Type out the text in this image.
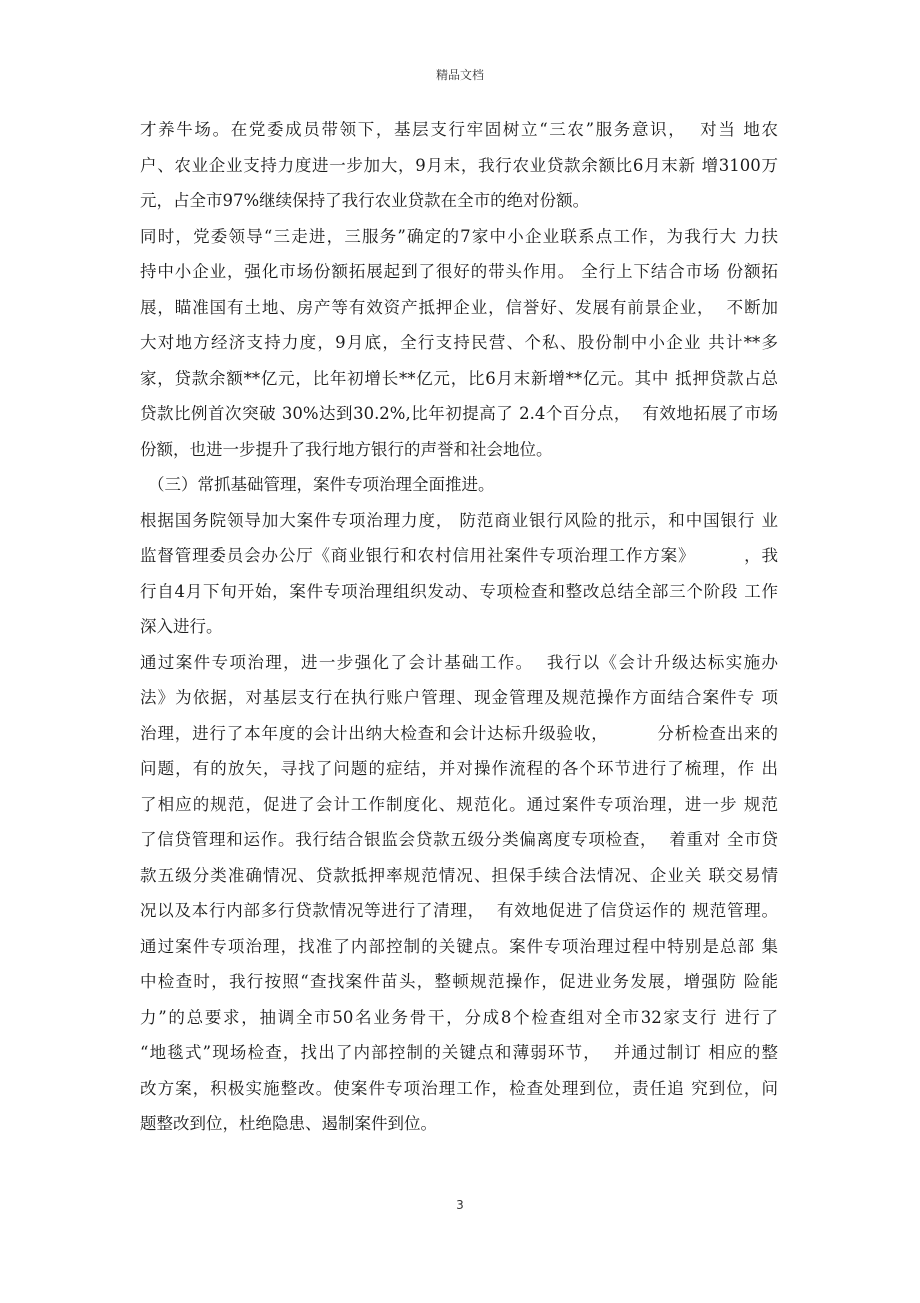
精品文档
才养牛场。在党委成员带领下，基层支行牢固树立“三农”服务意识，  对当 地农
户、农业企业支持力度进一步加大，9月末，我行农业贷款余额比6月末新 增3100万
元，占全市97%继续保持了我行农业贷款在全市的绝对份额。
同时，党委领导“三走进，三服务”确定的7家中小企业联系点工作，为我行大 力扶
持中小企业，强化市场份额拓展起到了很好的带头作用。 全行上下结合市场 份额拓
展，瞄准国有土地、房产等有效资产抵押企业，信誉好、发展有前景企业，  不断加
大对地方经济支持力度，9月底，全行支持民营、个私、股份制中小企业 共计**多
家，贷款余额**亿元，比年初增长**亿元，比6月末新增**亿元。其中 抵押贷款占总
贷款比例首次突破 30%达到30.2%,比年初提高了 2.4个百分点，  有效地拓展了市场
份额，也进一步提升了我行地方银行的声誉和社会地位。
（三）常抓基础管理，案件专项治理全面推进。
根据国务院领导加大案件专项治理力度， 防范商业银行风险的批示，和中国银行 业
监督管理委员会办公厅《商业银行和农村信用社案件专项治理工作方案》        ，我
行自4月下旬开始，案件专项治理组织发动、专项检查和整改总结全部三个阶段 工作
深入进行。
通过案件专项治理，进一步强化了会计基础工作。  我行以《会计升级达标实施办
法》为依据，对基层支行在执行账户管理、现金管理及规范操作方面结合案件专 项
治理，进行了本年度的会计出纳大检查和会计达标升级验收，        分析检查出来的
问题，有的放矢，寻找了问题的症结，并对操作流程的各个环节进行了梳理，作 出
了相应的规范，促进了会计工作制度化、规范化。通过案件专项治理，进一步 规范
了信贷管理和运作。我行结合银监会贷款五级分类偏离度专项检查，  着重对 全市贷
款五级分类准确情况、贷款抵押率规范情况、担保手续合法情况、企业关 联交易情
况以及本行内部多行贷款情况等进行了清理，  有效地促进了信贷运作的 规范管理。
通过案件专项治理，找准了内部控制的关键点。案件专项治理过程中特别是总部 集
中检查时，我行按照“查找案件苗头，整顿规范操作，促进业务发展，增强防 险能
力”的总要求，抽调全市50名业务骨干，分成8个检查组对全市32家支行 进行了
“地毯式”现场检查，找出了内部控制的关键点和薄弱环节，  并通过制订 相应的整
改方案，积极实施整改。使案件专项治理工作，检查处理到位，责任追 究到位，问
题整改到位，杜绝隐患、遏制案件到位。
3
